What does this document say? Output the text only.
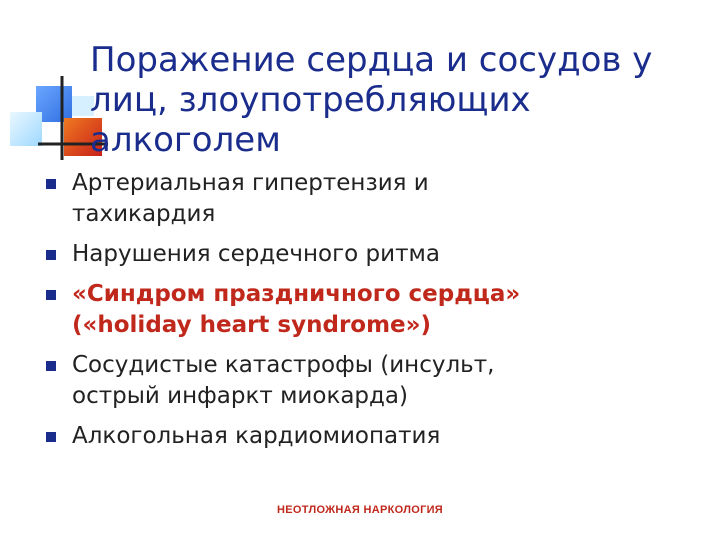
Поражение сердца и сосудов у
лиц, злоупотребляющих
алкоголем
Артериальная гипертензия и
тахикардия
Нарушения сердечного ритма
«Синдром праздничного сердца»
(«holiday heart syndrome»)
Сосудистые катастрофы (инсульт,
острый инфаркт миокарда)
Алкогольная кардиомиопатия
НЕОТЛОЖНАЯ НАРКОЛОГИЯ
